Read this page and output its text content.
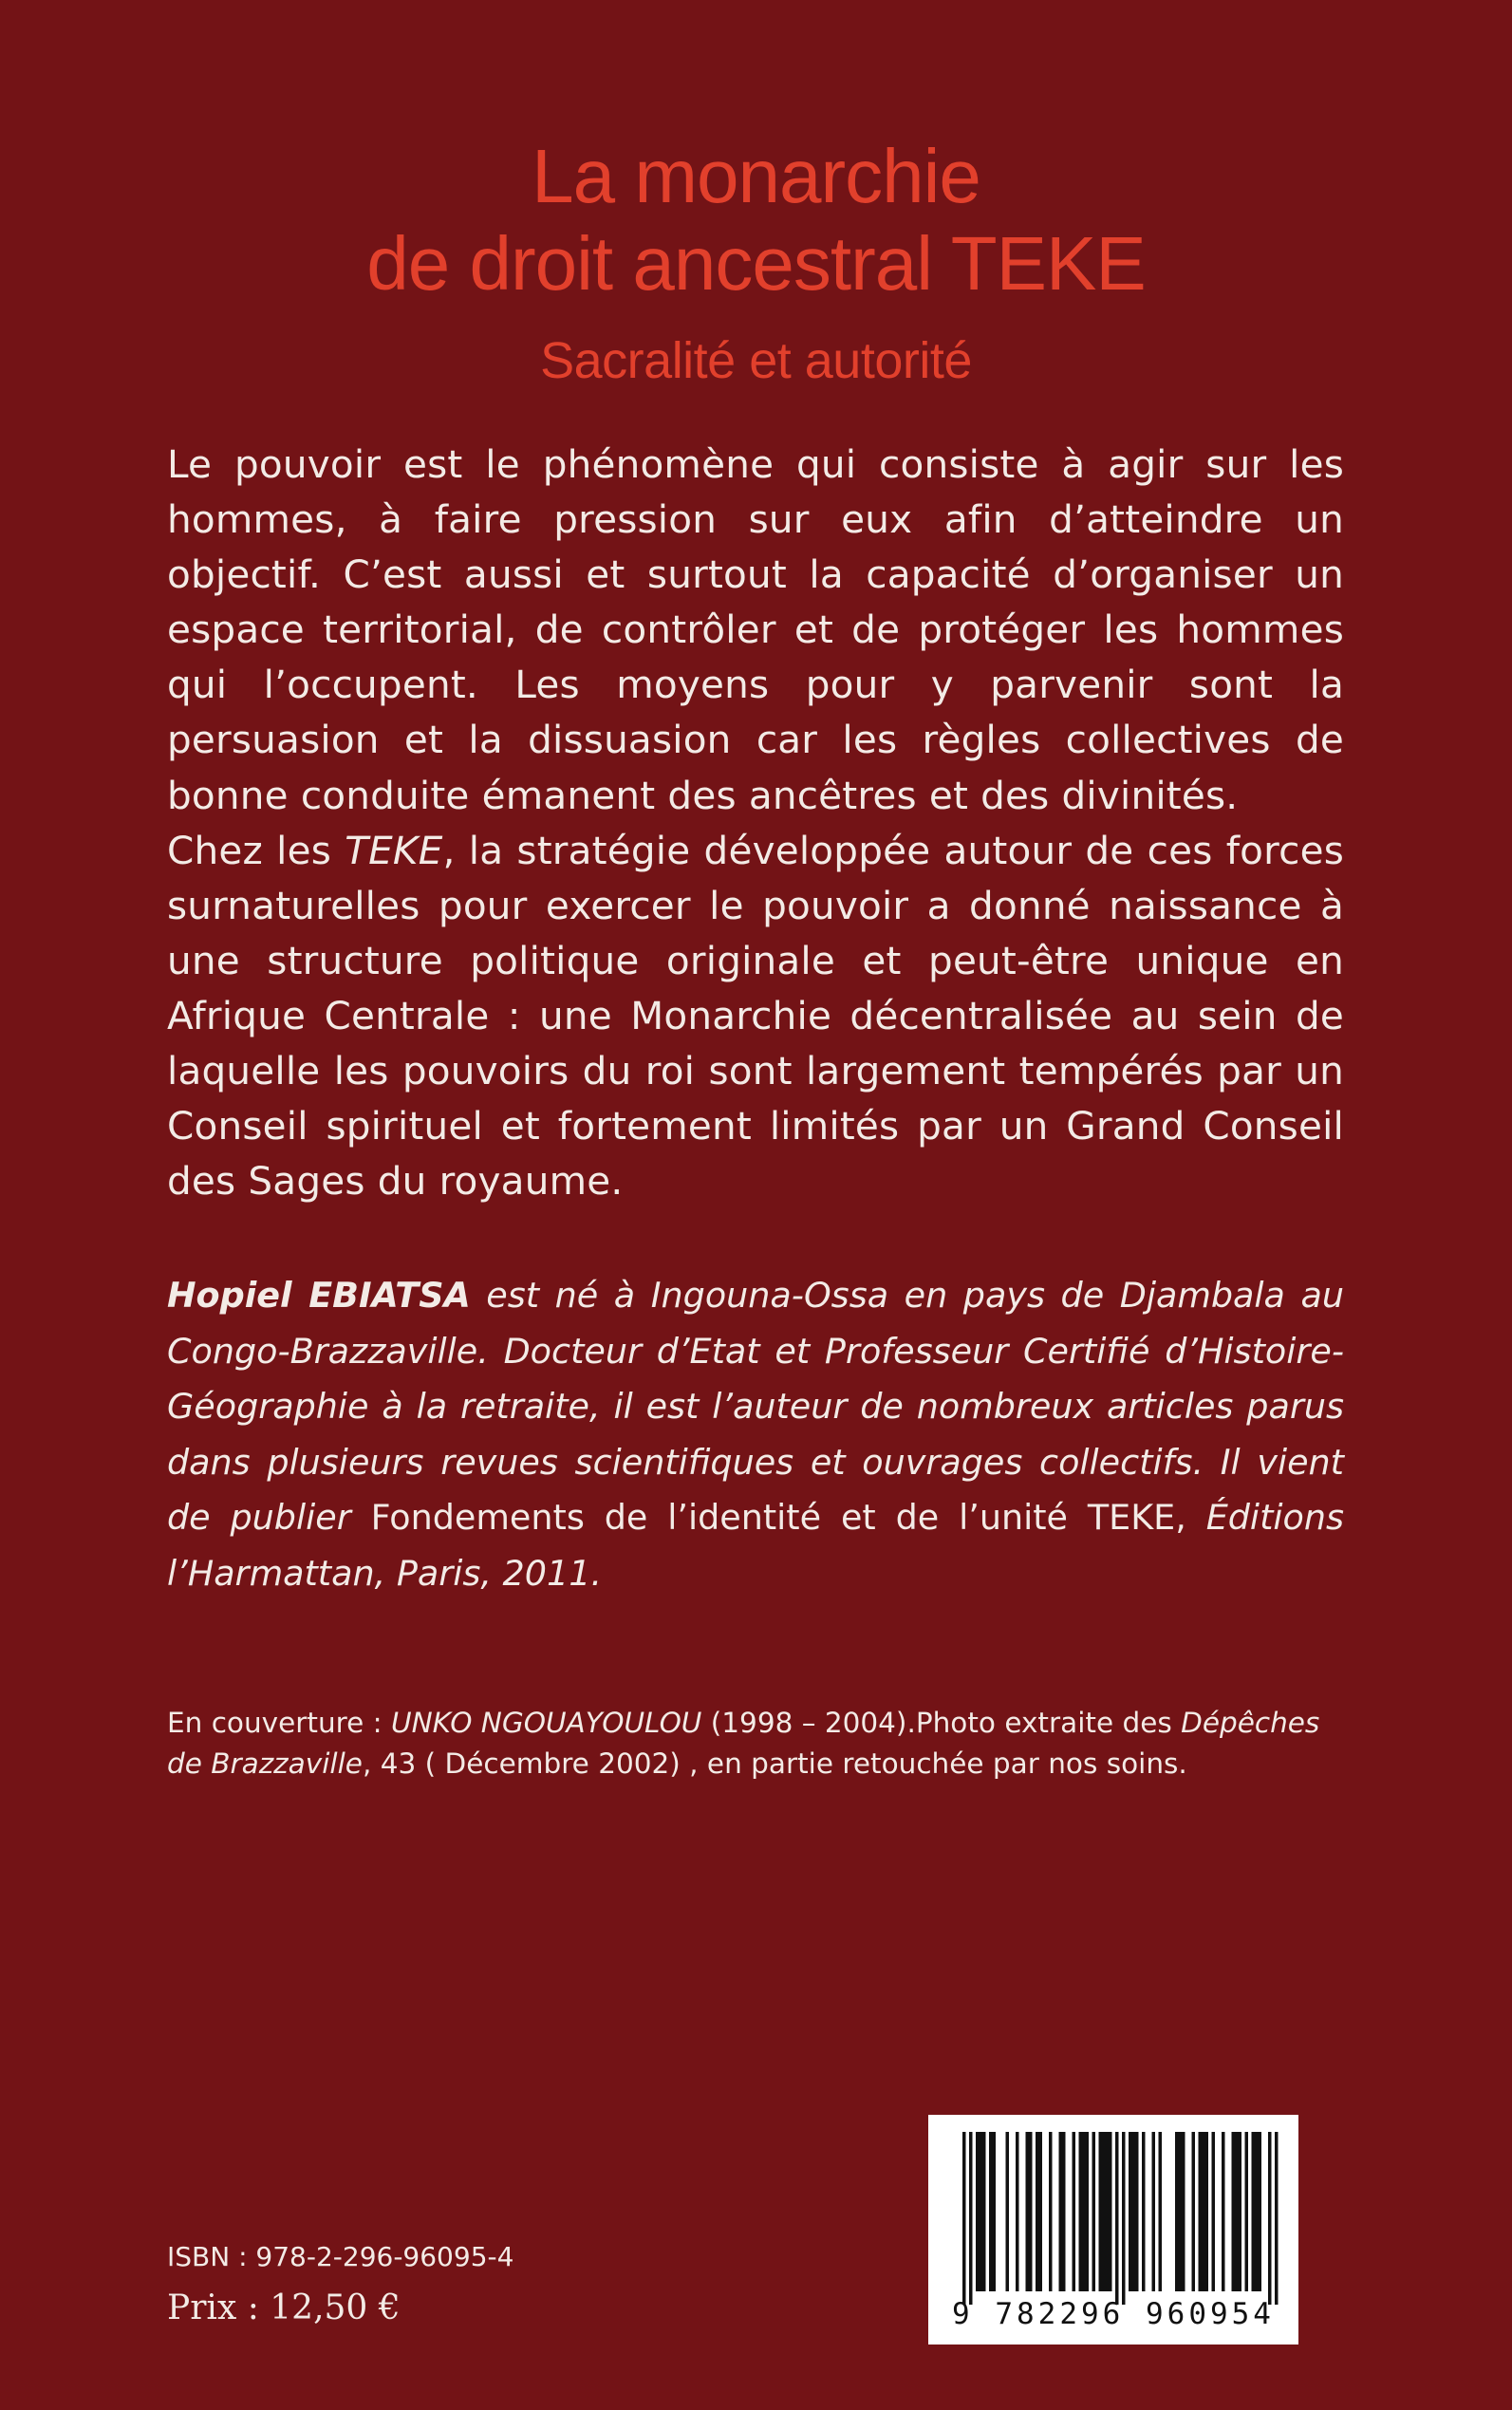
La monarchie
de droit ancestral TEKE
Sacralité et autorité

Le pouvoir est le phénomène qui consiste à agir sur les hommes, à faire pression sur eux afin d’atteindre un objectif. C’est aussi et surtout la capacité d’organiser un espace territorial, de contrôler et de protéger les hommes qui l’occupent. Les moyens pour y parvenir sont la persuasion et la dissuasion car les règles collectives de bonne conduite émanent des ancêtres et des divinités.

Chez les TEKE, la stratégie développée autour de ces forces surnaturelles pour exercer le pouvoir a donné naissance à une structure politique originale et peut-être unique en Afrique Centrale : une Monarchie décentralisée au sein de laquelle les pouvoirs du roi sont largement tempérés par un Conseil spirituel et fortement limités par un Grand Conseil des Sages du royaume.

Hopiel EBIATSA est né à Ingouna-Ossa en pays de Djambala au Congo-Brazzaville. Docteur d’Etat et Professeur Certifié d’Histoire-Géographie à la retraite, il est l’auteur de nombreux articles parus dans plusieurs revues scientifiques et ouvrages collectifs. Il vient de publier Fondements de l’identité et de l’unité TEKE, Éditions l’Harmattan, Paris, 2011.
En couverture : UNKO NGOUAYOULOU (1998 – 2004).Photo extraite des Dépêches
de Brazzaville, 43 ( Décembre 2002) , en partie retouchée par nos soins.
ISBN : 978-2-296-96095-4
Prix : 12,50 €	9 782296 960954
